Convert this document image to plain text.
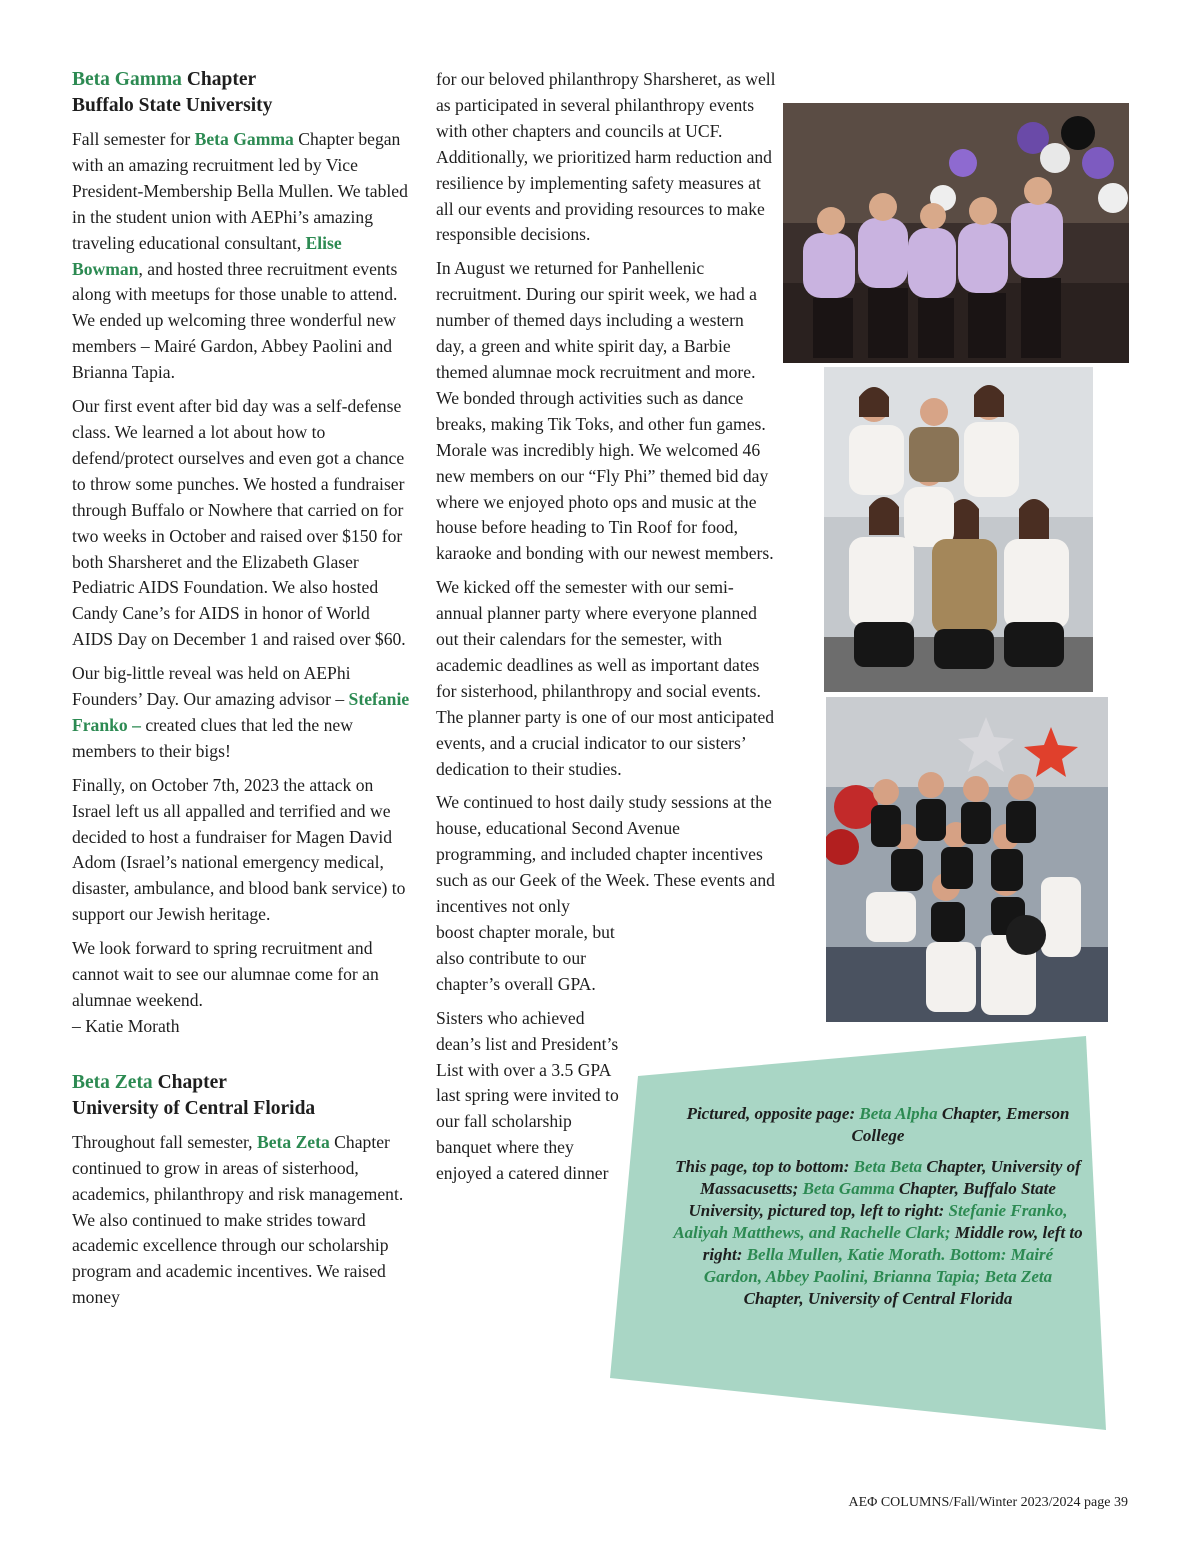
Beta Gamma Chapter
Buffalo State University

Fall semester for Beta Gamma Chapter began with an amazing recruitment led by Vice President-Membership Bella Mullen. We tabled in the student union with AEPhi’s amazing traveling educational consultant, Elise Bowman, and hosted three recruitment events along with meetups for those unable to attend. We ended up welcoming three wonderful new members – Mairé Gardon, Abbey Paolini and Brianna Tapia.

Our first event after bid day was a self-defense class. We learned a lot about how to defend/protect ourselves and even got a chance to throw some punches. We hosted a fundraiser through Buffalo or Nowhere that carried on for two weeks in October and raised over $150 for both Sharsheret and the Elizabeth Glaser Pediatric AIDS Foundation. We also hosted Candy Cane’s for AIDS in honor of World AIDS Day on December 1 and raised over $60.

Our big-little reveal was held on AEPhi Founders’ Day. Our amazing advisor – Stefanie Franko – created clues that led the new members to their bigs!

Finally, on October 7th, 2023 the attack on Israel left us all appalled and terrified and we decided to host a fundraiser for Magen David Adom (Israel’s national emergency medical, disaster, ambulance, and blood bank service) to support our Jewish heritage.

We look forward to spring recruitment and cannot wait to see our alumnae come for an alumnae weekend.
– Katie Morath

Beta Zeta Chapter
University of Central Florida

Throughout fall semester, Beta Zeta Chapter continued to grow in areas of sisterhood, academics, philanthropy and risk management. We also continued to make strides toward academic excellence through our scholarship program and academic incentives. We raised money

for our beloved philanthropy Sharsheret, as well as participated in several philanthropy events with other chapters and councils at UCF. Additionally, we prioritized harm reduction and resilience by implementing safety measures at all our events and providing resources to make responsible decisions.

In August we returned for Panhellenic recruitment. During our spirit week, we had a number of themed days including a western day, a green and white spirit day, a Barbie themed alumnae mock recruitment and more. We bonded through activities such as dance breaks, making Tik Toks, and other fun games. Morale was incredibly high. We welcomed 46 new members on our “Fly Phi” themed bid day where we enjoyed photo ops and music at the house before heading to Tin Roof for food, karaoke and bonding with our newest members.

We kicked off the semester with our semi-annual planner party where everyone planned out their calendars for the semester, with academic deadlines as well as important dates for sisterhood, philanthropy and social events. The planner party is one of our most anticipated events, and a crucial indicator to our sisters’ dedication to their studies.

We continued to host daily study sessions at the house, educational Second Avenue programming, and included chapter incentives such as our Geek of the Week. These events and incentives not only

boost chapter morale, but also contribute to our chapter’s overall GPA.

Sisters who achieved dean’s list and President’s List with over a 3.5 GPA last spring were invited to our fall scholarship banquet where they enjoyed a catered dinner

Pictured, opposite page: Beta Alpha Chapter, Emerson College

This page, top to bottom: Beta Beta Chapter, University of Massacusetts; Beta Gamma Chapter, Buffalo State University, pictured top, left to right: Stefanie Franko, Aaliyah Matthews, and Rachelle Clark; Middle row, left to right: Bella Mullen, Katie Morath. Bottom: Mairé Gardon, Abbey Paolini, Brianna Tapia; Beta Zeta Chapter, University of Central Florida

AEΦ COLUMNS/Fall/Winter 2023/2024 page 39
